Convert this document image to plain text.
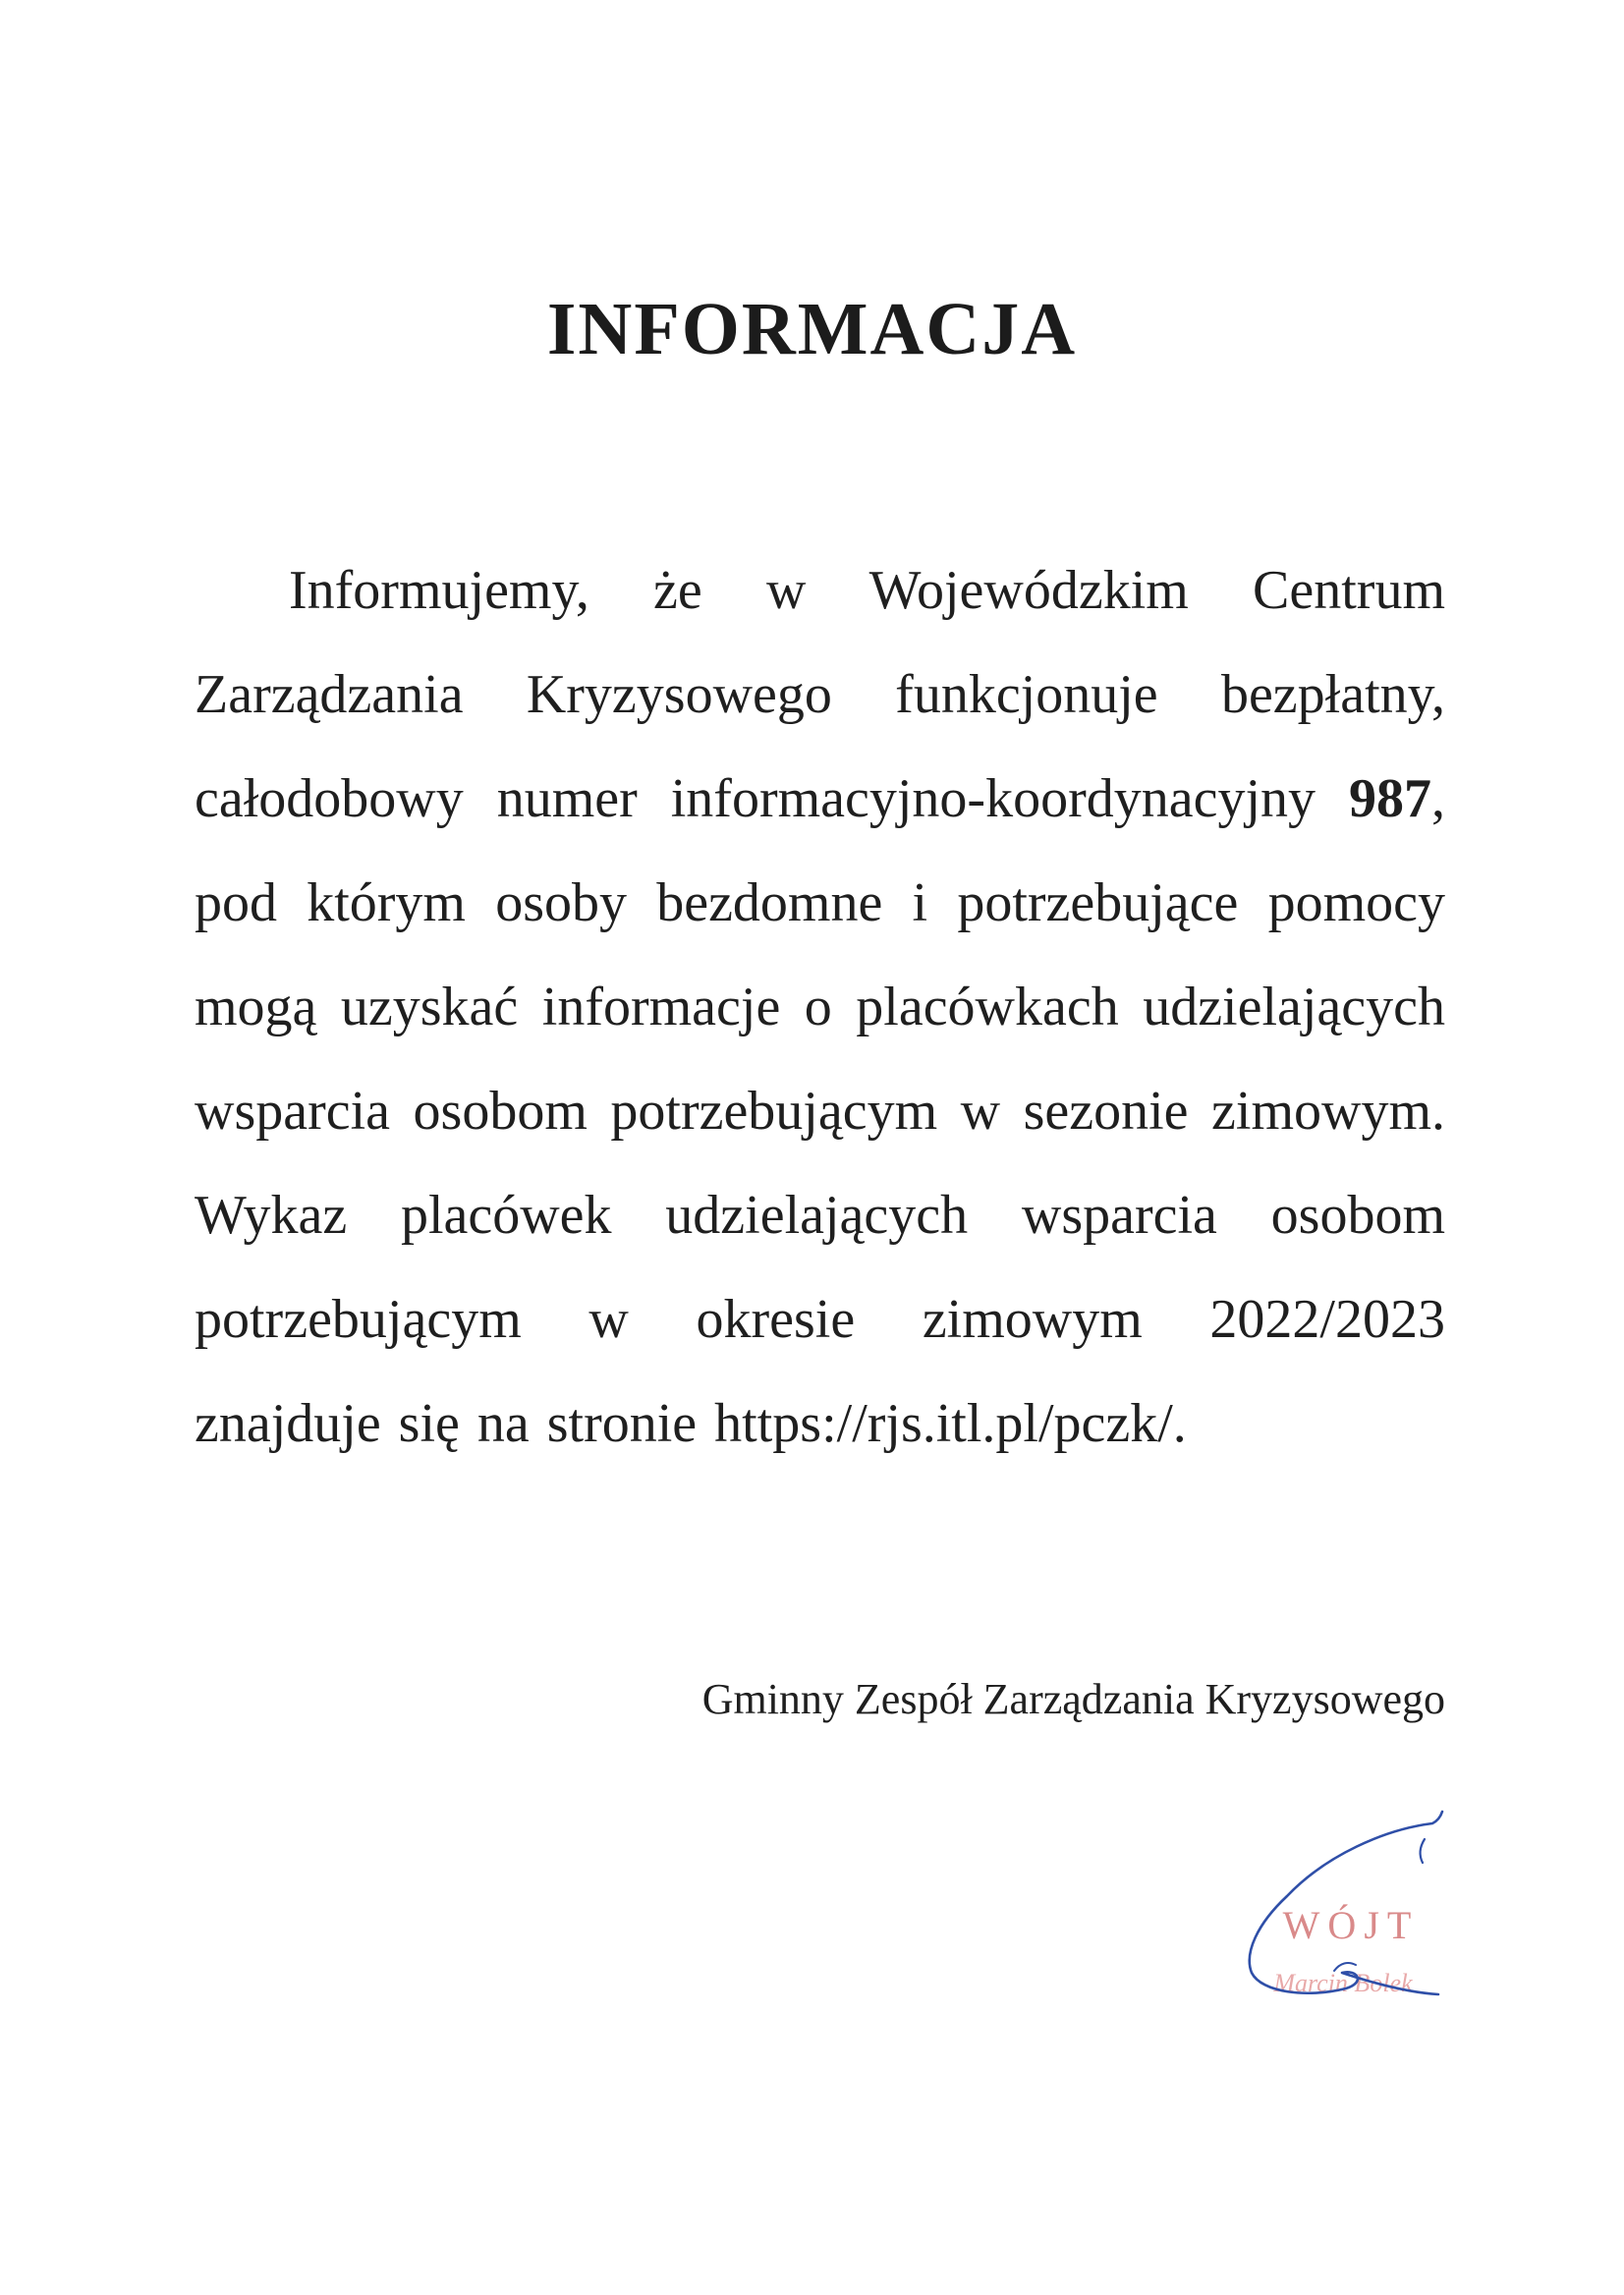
INFORMACJA

Informujemy, że w Wojewódzkim Centrum Zarządzania Kryzysowego funkcjonuje bezpłatny, całodobowy numer informacyjno-koordynacyjny 987, pod którym osoby bezdomne i potrzebujące pomocy mogą uzyskać informacje o placówkach udzielających wsparcia osobom potrzebującym w sezonie zimowym. Wykaz placówek udzielających wsparcia osobom potrzebującym w okresie zimowym 2022/2023 znajduje się na stronie https://rjs.itl.pl/pczk/.

Gminny Zespół Zarządzania Kryzysowego

WÓJT
Marcin Bolek
